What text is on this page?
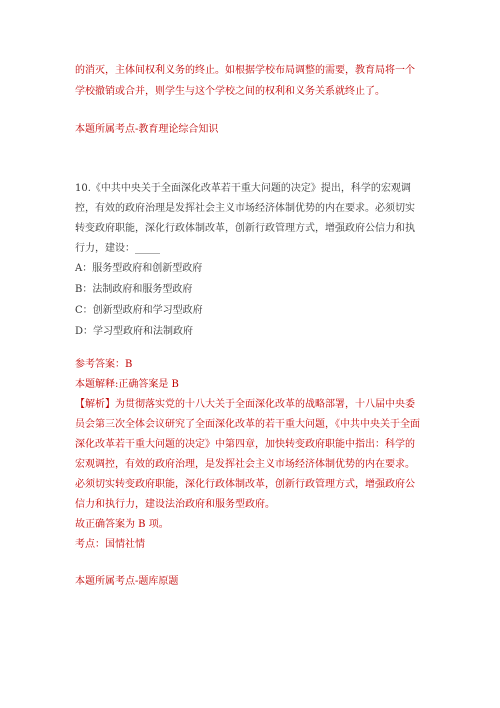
的消灭，主体间权利义务的终止。如根据学校布局调整的需要，教育局将一个

学校撤销或合并，则学生与这个学校之间的权利和义务关系就终止了。

本题所属考点-教育理论综合知识

10.《中共中央关于全面深化改革若干重大问题的决定》提出，科学的宏观调

控，有效的政府治理是发挥社会主义市场经济体制优势的内在要求。必须切实

转变政府职能，深化行政体制改革，创新行政管理方式，增强政府公信力和执

行力，建设：_____

A：服务型政府和创新型政府

B：法制政府和服务型政府

C：创新型政府和学习型政府

D：学习型政府和法制政府

参考答案：B

本题解释:正确答案是 B

【解析】为贯彻落实党的十八大关于全面深化改革的战略部署，十八届中央委

员会第三次全体会议研究了全面深化改革的若干重大问题，《中共中央关于全面

深化改革若干重大问题的决定》中第四章，加快转变政府职能中指出：科学的

宏观调控，有效的政府治理，是发挥社会主义市场经济体制优势的内在要求。

必须切实转变政府职能，深化行政体制改革，创新行政管理方式，增强政府公

信力和执行力，建设法治政府和服务型政府。

故正确答案为 B 项。

考点：国情社情

本题所属考点-题库原题
